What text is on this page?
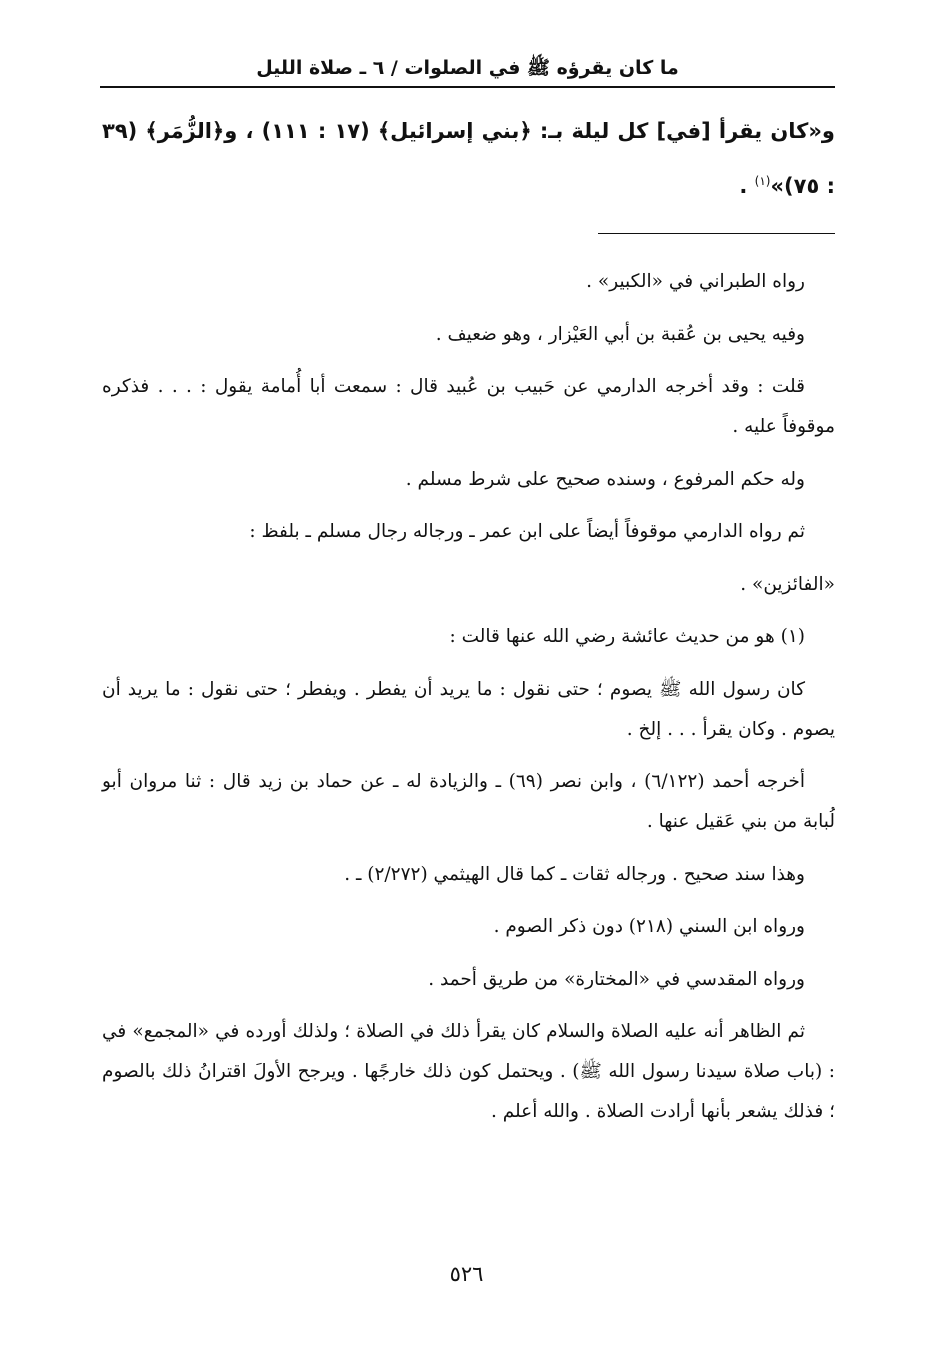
ما كان يقرؤه ﷺ في الصلوات / ٦ ـ صلاة الليل
و«كان يقرأ [في] كل ليلة بـ: ﴿بني إسرائيل﴾ (١٧ : ١١١) ، و﴿الزُّمَر﴾ (٣٩ : ٧٥)»$^{(١)}$ .

رواه الطبراني في «الكبير» .

وفيه يحيى بن عُقبة بن أبي العَيْزار ، وهو ضعيف .

قلت : وقد أخرجه الدارمي عن حَبيب بن عُبيد قال : سمعت أبا أُمامة يقول : . . . فذكره موقوفاً عليه .

وله حكم المرفوع ، وسنده صحيح على شرط مسلم .

ثم رواه الدارمي موقوفاً أيضاً على ابن عمر ـ ورجاله رجال مسلم ـ بلفظ :

«الفائزين» .

(١) هو من حديث عائشة رضي الله عنها قالت :

كان رسول الله ﷺ يصوم ؛ حتى نقول : ما يريد أن يفطر . ويفطر ؛ حتى نقول : ما يريد أن يصوم . وكان يقرأ . . . إلخ .

أخرجه أحمد (٦/١٢٢) ، وابن نصر (٦٩) ـ والزيادة له ـ عن حماد بن زيد قال : ثنا مروان أبو لُبابة من بني عَقيل عنها .

وهذا سند صحيح . ورجاله ثقات ـ كما قال الهيثمي (٢/٢٧٢) ـ .

ورواه ابن السني (٢١٨) دون ذكر الصوم .

ورواه المقدسي في «المختارة» من طريق أحمد .

ثم الظاهر أنه عليه الصلاة والسلام كان يقرأ ذلك في الصلاة ؛ ولذلك أورده في «المجمع» في : (باب صلاة سيدنا رسول الله ﷺ) . ويحتمل كون ذلك خارجًها . ويرجح الأولَ اقترانُ ذلك بالصوم ؛ فذلك يشعر بأنها أرادت الصلاة . والله أعلم .

٥٢٦
